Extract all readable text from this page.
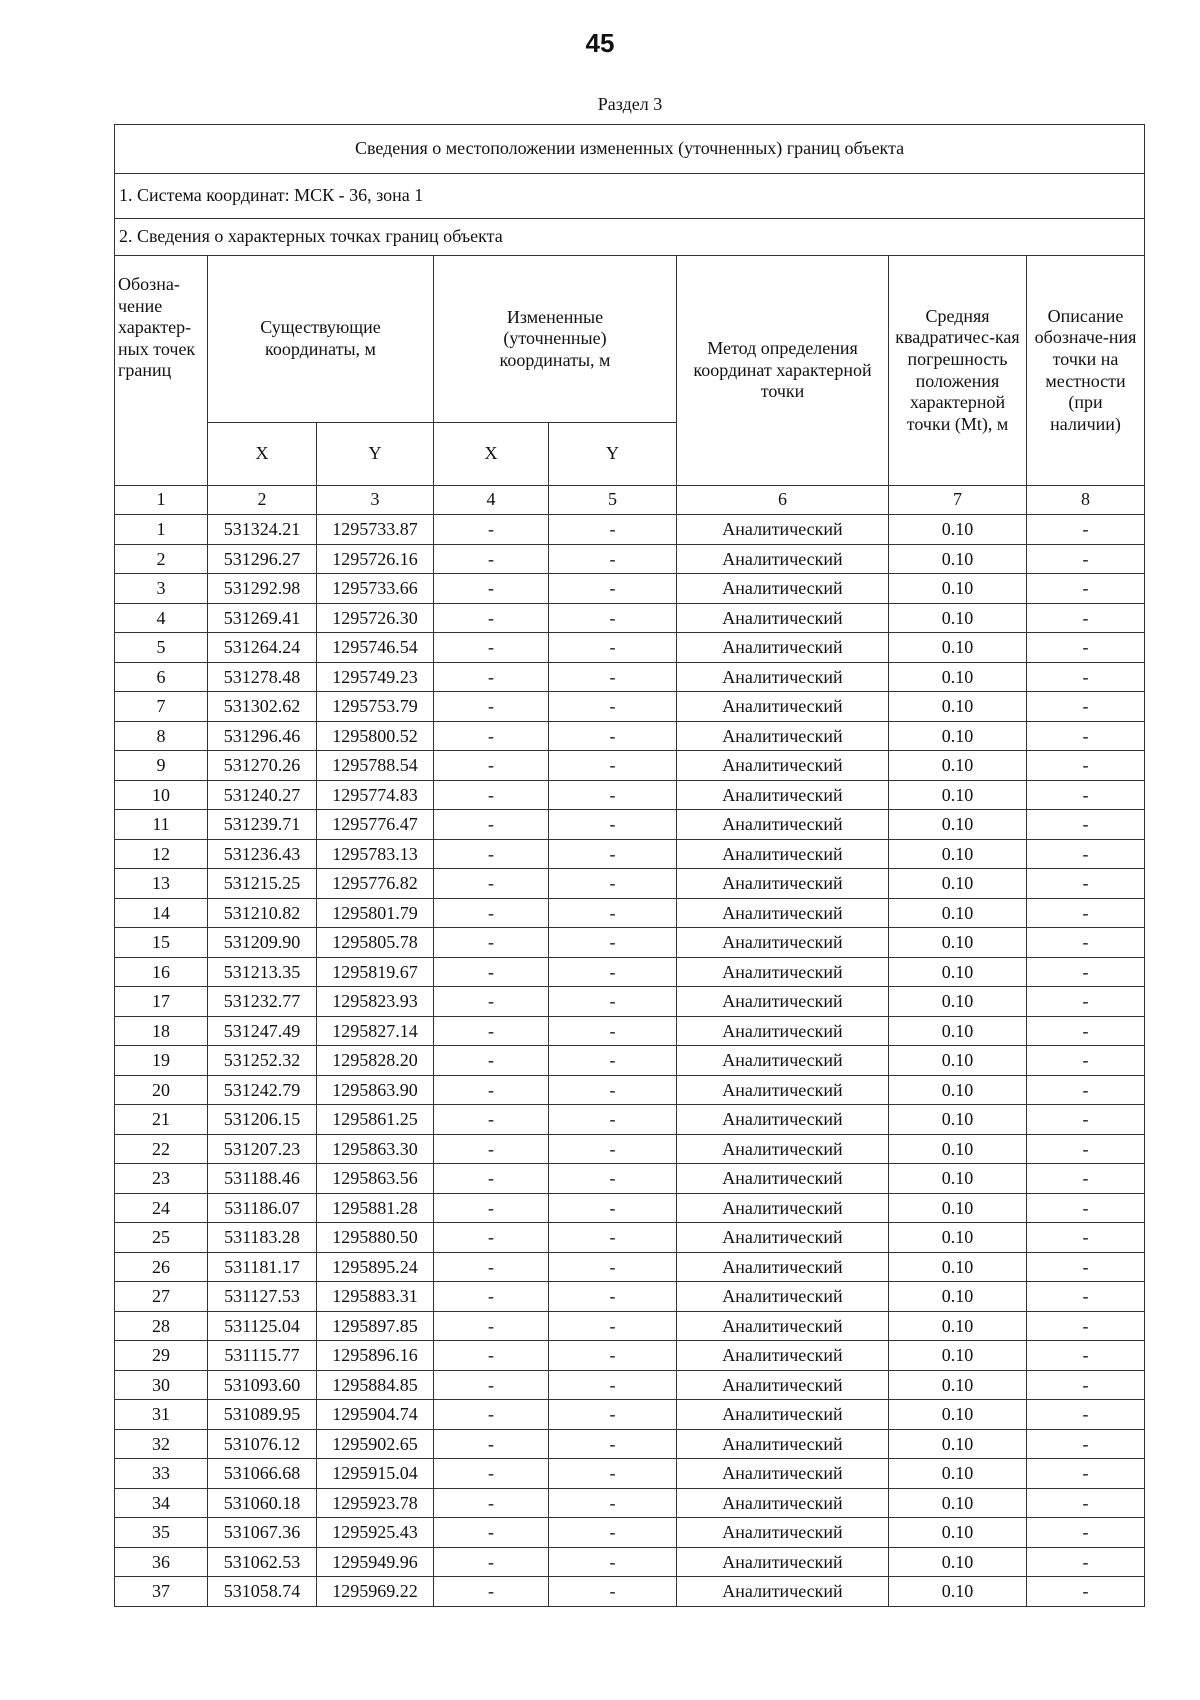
45
Раздел 3
Сведения о местоположении измененных (уточненных) границ объекта							
1. Система координат: МСК - 36, зона 1							
2. Сведения о характерных точках границ объекта							
Обозна-чение характер-ных точек границ	Существующие координаты, м		Измененные (уточненные) координаты, м		Метод определения координат характерной точки	Средняя квадратичес-кая погрешность положения характерной точки (Mt), м	Описание обозначе-ния точки на местности (при наличии)
	X	Y	X	Y			
1	2	3	4	5	6	7	8
1	531324.21	1295733.87	-	-	Аналитический	0.10	-
2	531296.27	1295726.16	-	-	Аналитический	0.10	-
3	531292.98	1295733.66	-	-	Аналитический	0.10	-
4	531269.41	1295726.30	-	-	Аналитический	0.10	-
5	531264.24	1295746.54	-	-	Аналитический	0.10	-
6	531278.48	1295749.23	-	-	Аналитический	0.10	-
7	531302.62	1295753.79	-	-	Аналитический	0.10	-
8	531296.46	1295800.52	-	-	Аналитический	0.10	-
9	531270.26	1295788.54	-	-	Аналитический	0.10	-
10	531240.27	1295774.83	-	-	Аналитический	0.10	-
11	531239.71	1295776.47	-	-	Аналитический	0.10	-
12	531236.43	1295783.13	-	-	Аналитический	0.10	-
13	531215.25	1295776.82	-	-	Аналитический	0.10	-
14	531210.82	1295801.79	-	-	Аналитический	0.10	-
15	531209.90	1295805.78	-	-	Аналитический	0.10	-
16	531213.35	1295819.67	-	-	Аналитический	0.10	-
17	531232.77	1295823.93	-	-	Аналитический	0.10	-
18	531247.49	1295827.14	-	-	Аналитический	0.10	-
19	531252.32	1295828.20	-	-	Аналитический	0.10	-
20	531242.79	1295863.90	-	-	Аналитический	0.10	-
21	531206.15	1295861.25	-	-	Аналитический	0.10	-
22	531207.23	1295863.30	-	-	Аналитический	0.10	-
23	531188.46	1295863.56	-	-	Аналитический	0.10	-
24	531186.07	1295881.28	-	-	Аналитический	0.10	-
25	531183.28	1295880.50	-	-	Аналитический	0.10	-
26	531181.17	1295895.24	-	-	Аналитический	0.10	-
27	531127.53	1295883.31	-	-	Аналитический	0.10	-
28	531125.04	1295897.85	-	-	Аналитический	0.10	-
29	531115.77	1295896.16	-	-	Аналитический	0.10	-
30	531093.60	1295884.85	-	-	Аналитический	0.10	-
31	531089.95	1295904.74	-	-	Аналитический	0.10	-
32	531076.12	1295902.65	-	-	Аналитический	0.10	-
33	531066.68	1295915.04	-	-	Аналитический	0.10	-
34	531060.18	1295923.78	-	-	Аналитический	0.10	-
35	531067.36	1295925.43	-	-	Аналитический	0.10	-
36	531062.53	1295949.96	-	-	Аналитический	0.10	-
37	531058.74	1295969.22	-	-	Аналитический	0.10	-
